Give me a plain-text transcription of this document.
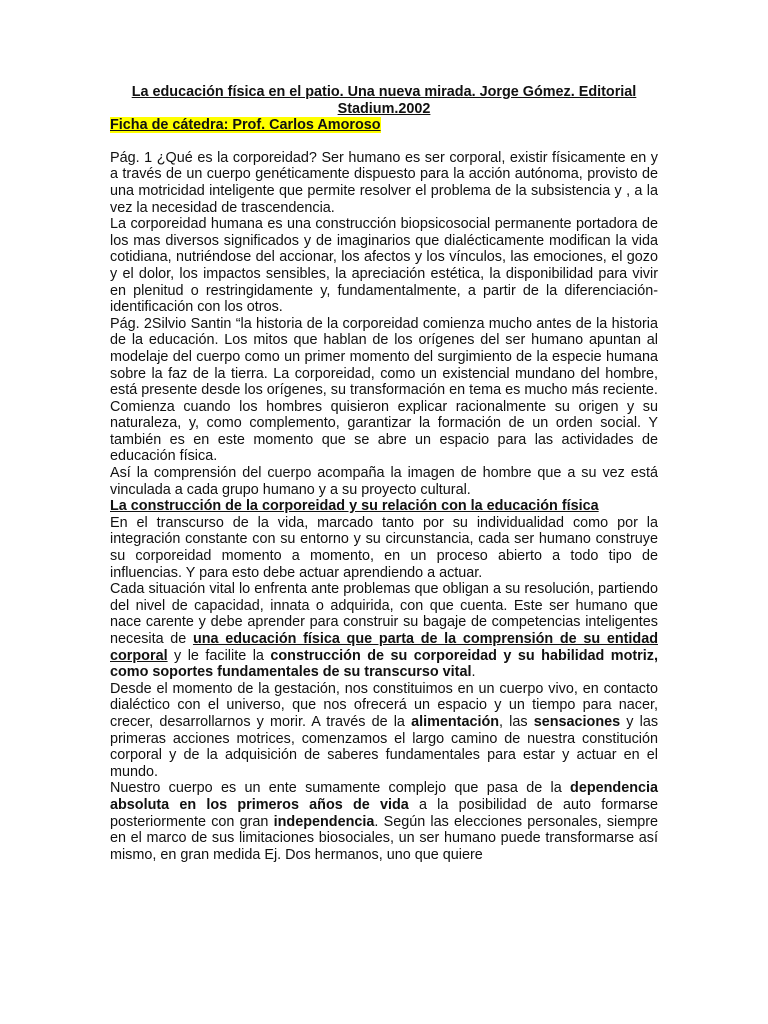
La educación física en el patio. Una nueva mirada. Jorge Gómez. Editorial Stadium.2002

Ficha de cátedra: Prof. Carlos Amoroso

Pág. 1 ¿Qué es la corporeidad? Ser humano es ser corporal, existir físicamente en y a través de un cuerpo genéticamente dispuesto para la acción autónoma, provisto de una motricidad inteligente que permite resolver el problema de la subsistencia y , a la vez la necesidad de trascendencia.

La corporeidad humana es una construcción biopsicosocial permanente portadora de los mas diversos significados y de imaginarios que dialécticamente modifican la vida cotidiana, nutriéndose del accionar, los afectos y los vínculos, las emociones, el gozo y el dolor, los impactos sensibles, la apreciación estética, la disponibilidad para vivir en plenitud o restringidamente y, fundamentalmente, a partir de la diferenciación-identificación con los otros.

Pág. 2Silvio Santin “la historia de la corporeidad comienza mucho antes de la historia de la educación. Los mitos que hablan de los orígenes del ser humano apuntan al modelaje del cuerpo como un primer momento del surgimiento de la especie humana sobre la faz de la tierra. La corporeidad, como un existencial mundano del hombre, está presente desde los orígenes, su transformación en tema es mucho más reciente.

Comienza cuando los hombres quisieron explicar racionalmente su origen y su naturaleza, y, como complemento, garantizar la formación de un orden social. Y también es en este momento que se abre un espacio para las actividades de educación física.

Así la comprensión del cuerpo acompaña la imagen de hombre que a su vez está vinculada a cada grupo humano y a su proyecto cultural.

La construcción de la corporeidad y su relación con la educación física

En el transcurso de la vida, marcado tanto por su individualidad como por la integración constante con su entorno y su circunstancia, cada ser humano construye su corporeidad momento a momento, en un proceso abierto a todo tipo de influencias. Y para esto debe actuar aprendiendo a actuar.

Cada situación vital lo enfrenta ante problemas que obligan a su resolución, partiendo del nivel de capacidad, innata o adquirida, con que cuenta. Este ser humano que nace carente y debe aprender para construir su bagaje de competencias inteligentes necesita de una educación física que parta de la comprensión de su entidad corporal y le facilite la construcción de su corporeidad y su habilidad motriz, como soportes fundamentales de su transcurso vital.

Desde el momento de la gestación, nos constituimos en un cuerpo vivo, en contacto dialéctico con el universo, que nos ofrecerá un espacio y un tiempo para nacer, crecer, desarrollarnos y morir. A través de la alimentación, las sensaciones y las primeras acciones motrices, comenzamos el largo camino de nuestra constitución corporal y de la adquisición de saberes fundamentales para estar y actuar en el mundo.

Nuestro cuerpo es un ente sumamente complejo que pasa de la dependencia absoluta en los primeros años de vida a la posibilidad de auto formarse posteriormente con gran independencia. Según las elecciones personales, siempre en el marco de sus limitaciones biosociales, un ser humano puede transformarse así mismo, en gran medida Ej. Dos hermanos, uno que quiere
